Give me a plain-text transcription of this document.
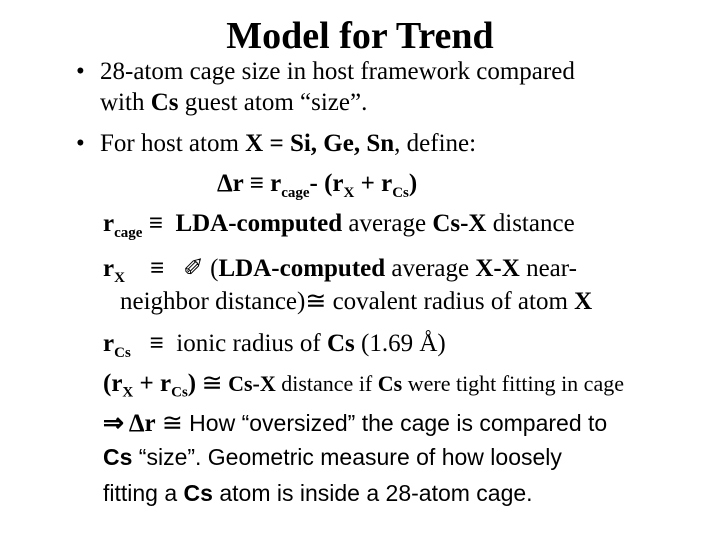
Model for Trend
• 28-atom cage size in host framework compared
with Cs guest atom “size”.
• For host atom X = Si, Ge, Sn, define:
$\Delta r \equiv r_{cage}-$ $(r_X + r_{Cs})$
$r_{cage}$ ≡ LDA-computed average Cs-X distance
$r_X$ ≡ ✐ (LDA-computed average X-X near-
neighbor distance)≅ covalent radius of atom X
$r_{Cs}$ ≡  ionic radius of Cs (1.69 Å)
$(r_X + r_{Cs})$ ≅ Cs-X distance if Cs were tight fitting in cage
⇒ Δr ≅ How “oversized” the cage is compared to
Cs “size”. Geometric measure of how loosely
fitting a Cs atom is inside a 28-atom cage.
